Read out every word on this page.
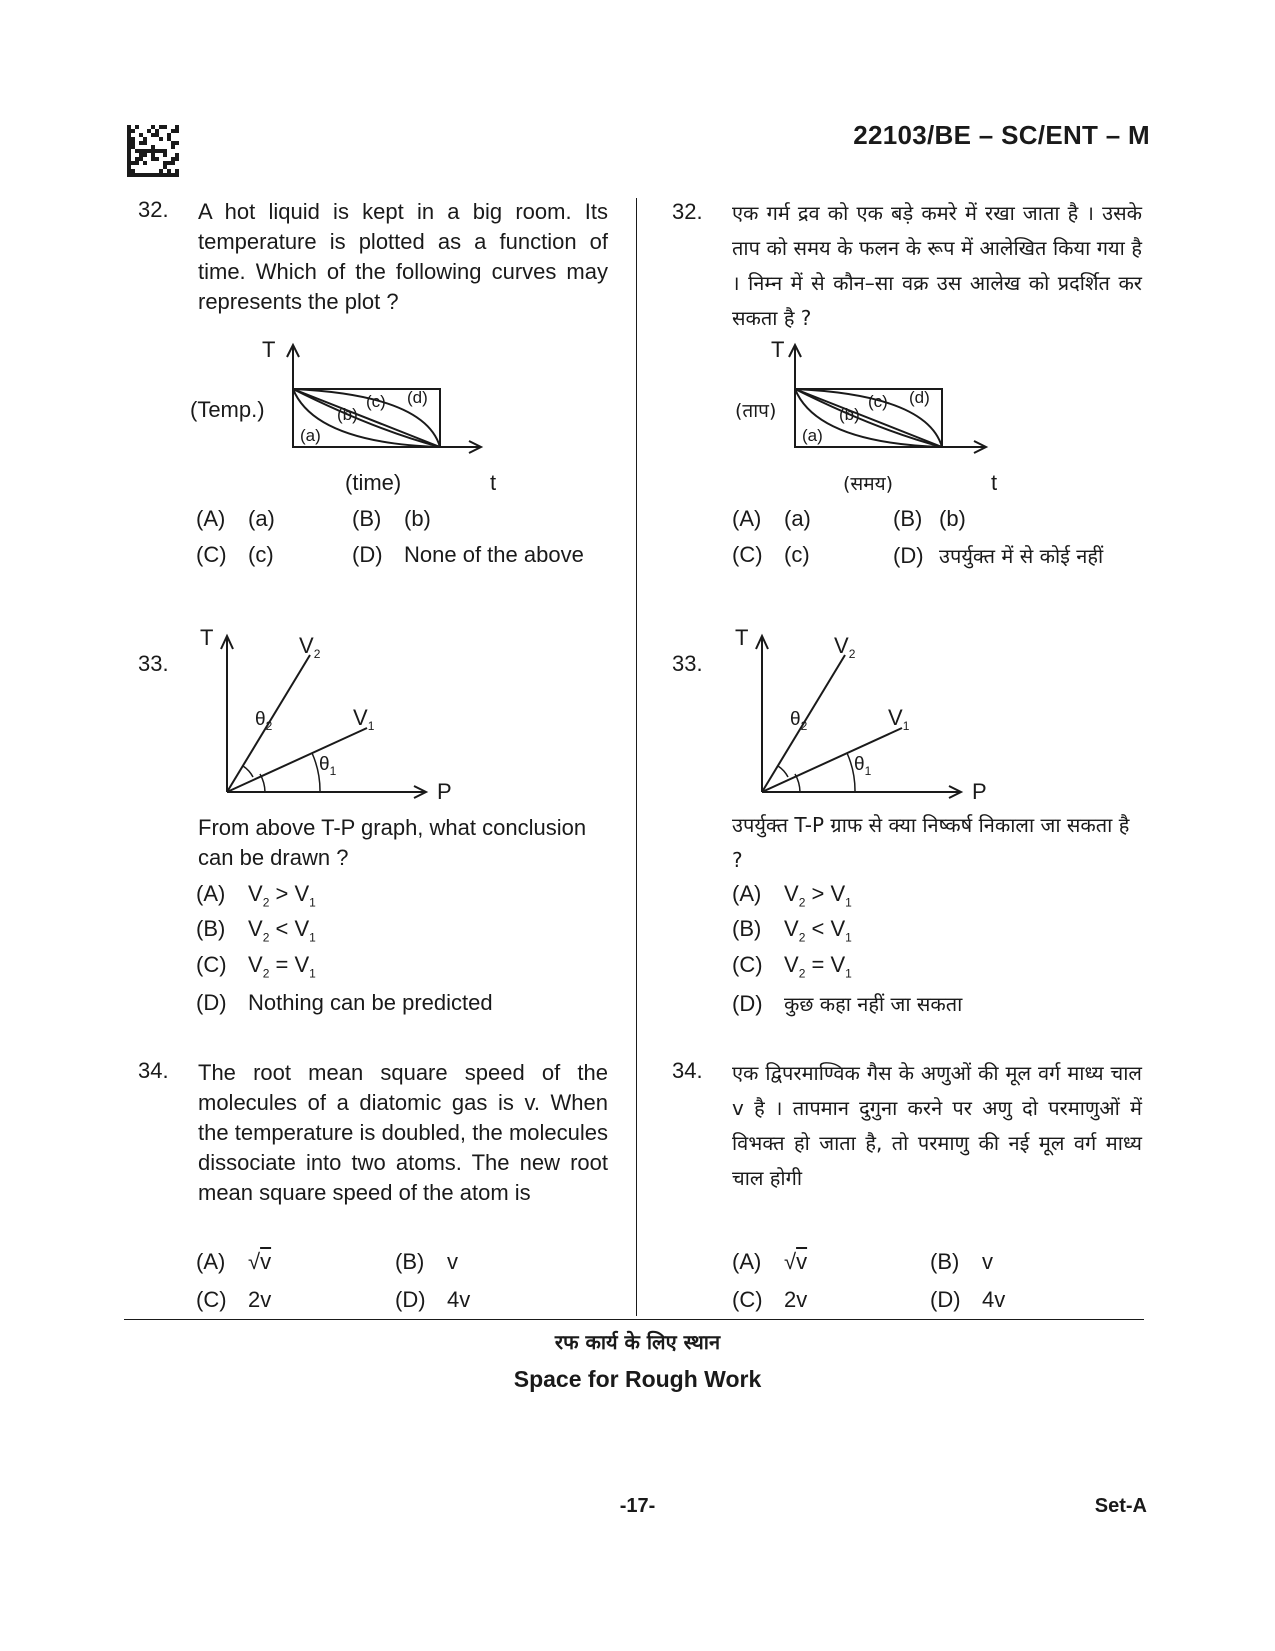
22103/BE – SC/ENT – M
32. A hot liquid is kept in a big room. Its temperature is plotted as a function of time. Which of the following curves may represents the plot ?
T
(a)
(b)
(c) (d)
(Temp.)
(time)	t
(A) (a)	(B) (b)
(C) (c)	(D) None of the above
33.
T
$\theta_2$
$\theta_1$
$V_2$
$V_1$
P
From above T-P graph, what conclusion can be drawn ?
(A) $V_2 > V_1$
(B) $V_2 < V_1$
(C) $V_2 = V_1$
(D) Nothing can be predicted
34. The root mean square speed of the molecules of a diatomic gas is v. When the temperature is doubled, the molecules dissociate into two atoms. The new root mean square speed of the atom is
(A) √v	(B) v
(C) 2v	(D) 4v
32. एक गर्म द्रव को एक बड़े कमरे में रखा जाता है । उसके ताप को समय के फलन के रूप में आलेखित किया गया है । निम्न में से कौन–सा वक्र उस आलेख को प्रदर्शित कर सकता है ?
T
(a)
(b)
(c) (d)
(ताप)
(समय)	t
(A) (a)	(B) (b)
(C) (c)	(D) उपर्युक्त में से कोई नहीं
33.
T
$\theta_2$
$\theta_1$
$V_2$
$V_1$
P
उपर्युक्त T-P ग्राफ से क्या निष्कर्ष निकाला जा सकता है ?
(A) $V_2 > V_1$
(B) $V_2 < V_1$
(C) $V_2 = V_1$
(D) कुछ कहा नहीं जा सकता
34. एक द्विपरमाण्विक गैस के अणुओं की मूल वर्ग माध्य चाल v है । तापमान दुगुना करने पर अणु दो परमाणुओं में विभक्त हो जाता है, तो परमाणु की नई मूल वर्ग माध्य चाल होगी
(A) √v	(B) v
(C) 2v	(D) 4v
रफ कार्य के लिए स्थान
Space for Rough Work
-17-	Set-A
